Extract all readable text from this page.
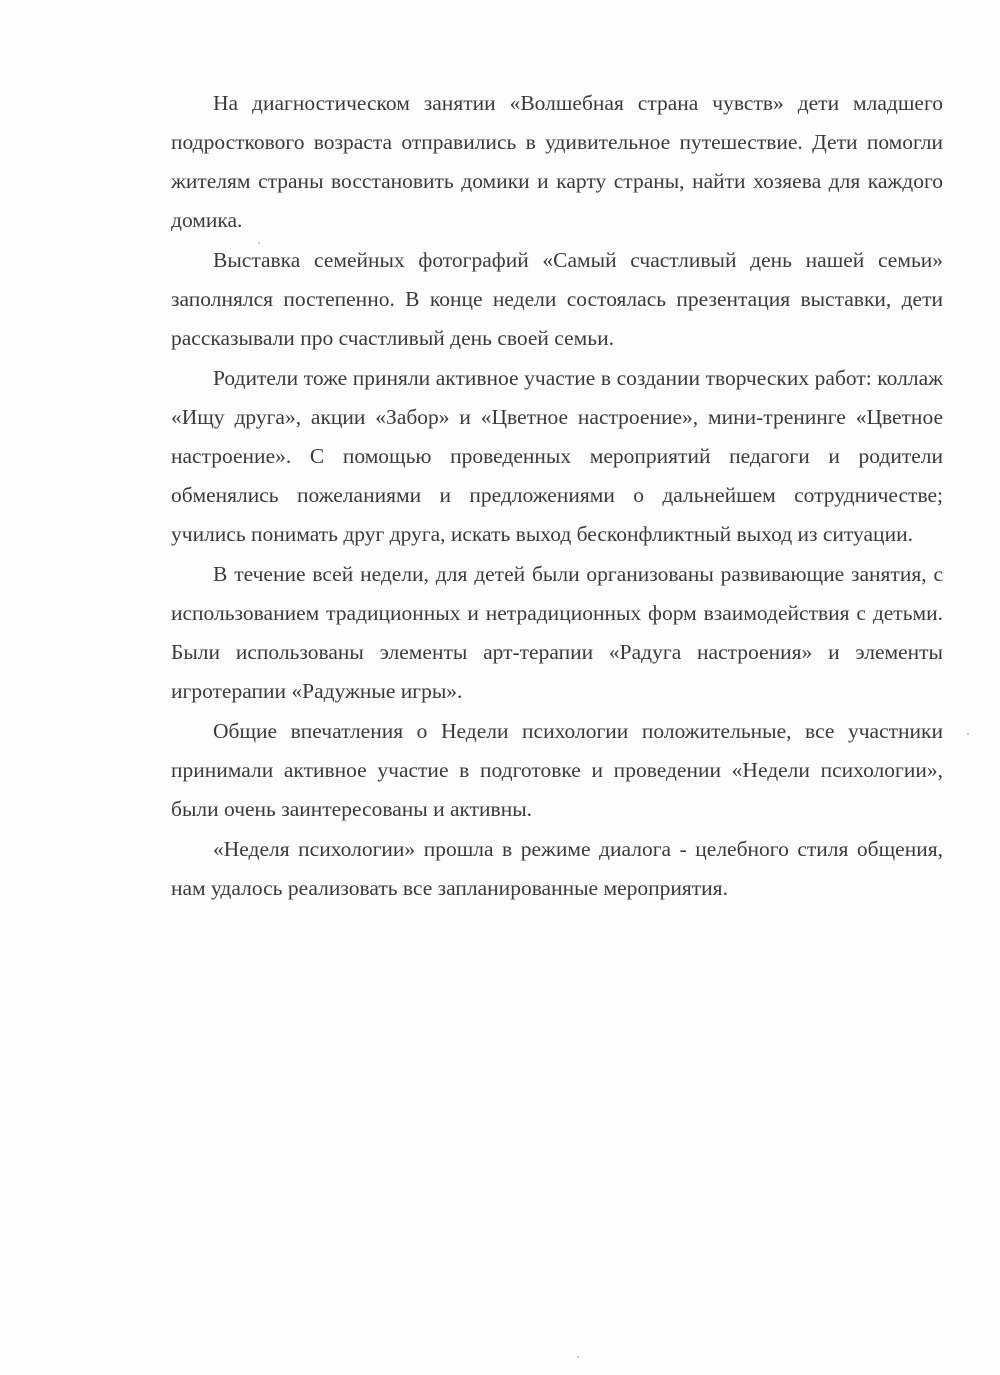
На диагностическом занятии «Волшебная страна чувств» дети младшего подросткового возраста отправились в удивительное путешествие. Дети помогли жителям страны восстановить домики и карту страны, найти хозяева для каждого домика.

Выставка семейных фотографий «Самый счастливый день нашей семьи» заполнялся постепенно. В конце недели состоялась презентация выставки, дети рассказывали про счастливый день своей семьи.

Родители тоже приняли активное участие в создании творческих работ: коллаж «Ищу друга», акции «Забор» и «Цветное настроение», мини-тренинге «Цветное настроение». С помощью проведенных мероприятий педагоги и родители обменялись пожеланиями и предложениями о дальнейшем сотрудничестве; учились понимать друг друга, искать выход бесконфликтный выход из ситуации.

В течение всей недели, для детей были организованы развивающие занятия, с использованием традиционных и нетрадиционных форм взаимодействия с детьми. Были использованы элементы арт-терапии «Радуга настроения» и элементы игротерапии «Радужные игры».

Общие впечатления о Недели психологии положительные, все участники принимали активное участие в подготовке и проведении «Недели психологии», были очень заинтересованы и активны.

«Неделя психологии» прошла в режиме диалога - целебного стиля общения, нам удалось реализовать все запланированные мероприятия.
